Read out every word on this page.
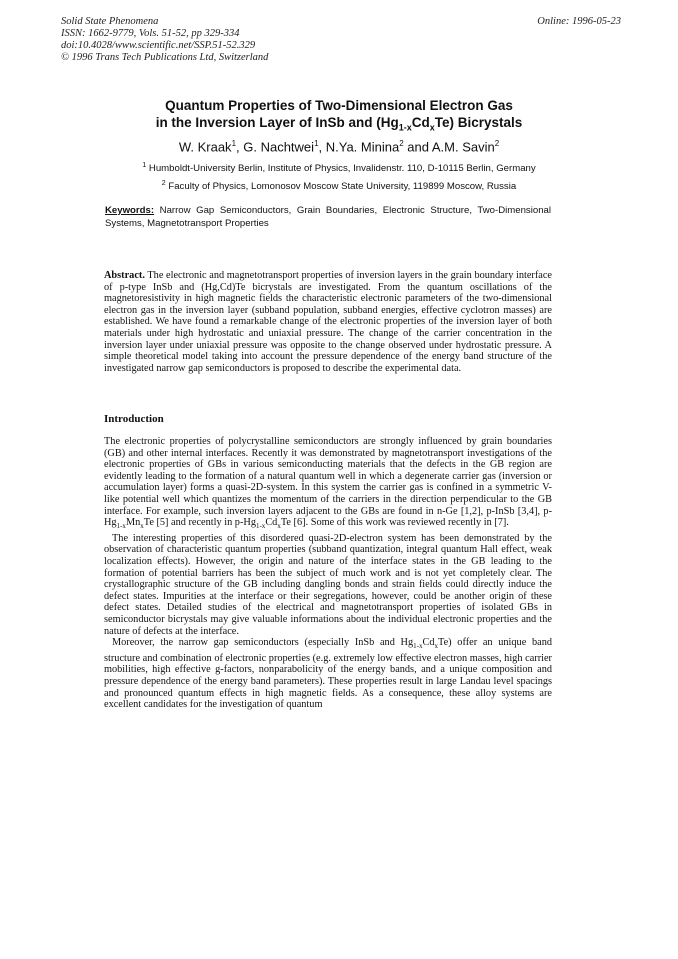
Solid State Phenomena
ISSN: 1662-9779, Vols. 51-52, pp 329-334
doi:10.4028/www.scientific.net/SSP.51-52.329
© 1996 Trans Tech Publications Ltd, Switzerland
Online: 1996-05-23
Quantum Properties of Two-Dimensional Electron Gas
in the Inversion Layer of InSb and $(Hg_{1-x}Cd_xTe)$ Bicrystals
W. Kraak$^1$, G. Nachtwei$^1$, N.Ya. Minina$^2$ and A.M. Savin$^2$
$^1$ Humboldt-University Berlin, Institute of Physics, Invalidenstr. 110, D-10115 Berlin, Germany
$^2$ Faculty of Physics, Lomonosov Moscow State University, 119899 Moscow, Russia
Keywords: Narrow Gap Semiconductors, Grain Boundaries, Electronic Structure, Two-Dimensional Systems, Magnetotransport Properties

Abstract. The electronic and magnetotransport properties of inversion layers in the grain boundary interface of p-type InSb and (Hg,Cd)Te bicrystals are investigated. From the quantum oscillations of the magnetoresistivity in high magnetic fields the characteristic electronic parameters of the two-dimensional electron gas in the inversion layer (subband population, subband energies, effective cyclotron masses) are established. We have found a remarkable change of the electronic properties of the inversion layer of both materials under high hydrostatic and uniaxial pressure. The change of the carrier concentration in the inversion layer under uniaxial pressure was opposite to the change observed under hydrostatic pressure. A simple theoretical model taking into account the pressure dependence of the energy band structure of the investigated narrow gap semiconductors is proposed to describe the experimental data.

Introduction

The electronic properties of polycrystalline semiconductors are strongly influenced by grain boundaries (GB) and other internal interfaces. Recently it was demonstrated by magnetotransport investigations of the electronic properties of GBs in various semiconducting materials that the defects in the GB region are evidently leading to the formation of a natural quantum well in which a degenerate carrier gas (inversion or accumulation layer) forms a quasi-2D-system. In this system the carrier gas is confined in a symmetric V-like potential well which quantizes the momentum of the carriers in the direction perpendicular to the GB interface. For example, such inversion layers adjacent to the GBs are found in n-Ge [1,2], p-InSb [3,4], $p-Hg_{1-x}Mn_xTe$ [5] and recently in $p-Hg_{1-x}Cd_xTe$ [6]. Some of this work was reviewed recently in [7].

The interesting properties of this disordered quasi-2D-electron system has been demonstrated by the observation of characteristic quantum properties (subband quantization, integral quantum Hall effect, weak localization effects). However, the origin and nature of the interface states in the GB leading to the formation of potential barriers has been the subject of much work and is not yet completely clear. The crystallographic structure of the GB including dangling bonds and strain fields could directly induce the defect states. Impurities at the interface or their segregations, however, could be another origin of these defect states. Detailed studies of the electrical and magnetotransport properties of isolated GBs in semiconductor bicrystals may give valuable informations about the individual electronic properties and the nature of defects at the interface.

Moreover, the narrow gap semiconductors (especially InSb and $Hg_{1-x}Cd_xTe$) offer an unique band structure and combination of electronic properties (e.g. extremely low effective electron masses, high carrier mobilities, high effective g-factors, nonparabolicity of the energy bands, and a unique composition and pressure dependence of the energy band parameters). These properties result in large Landau level spacings and pronounced quantum effects in high magnetic fields. As a consequence, these alloy systems are excellent candidates for the investigation of quantum
